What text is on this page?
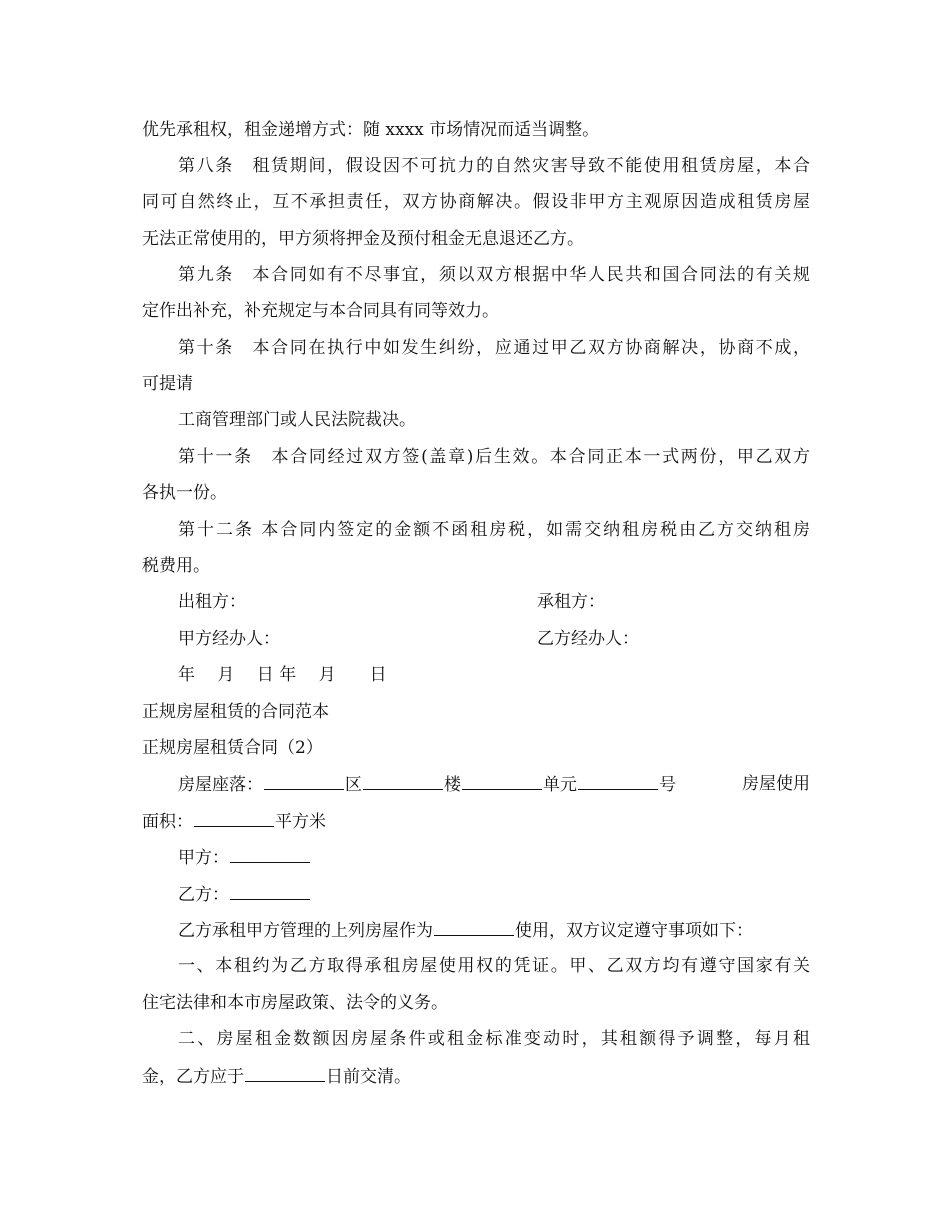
优先承租权，租金递增方式：随 xxxx 市场情况而适当调整。
第八条　租赁期间，假设因不可抗力的自然灾害导致不能使用租赁房屋，本合
同可自然终止，互不承担责任，双方协商解决。假设非甲方主观原因造成租赁房屋
无法正常使用的，甲方须将押金及预付租金无息退还乙方。
第九条　本合同如有不尽事宜，须以双方根据中华人民共和国合同法的有关规
定作出补充，补充规定与本合同具有同等效力。
第十条　本合同在执行中如发生纠纷，应通过甲乙双方协商解决，协商不成，
可提请
工商管理部门或人民法院裁决。
第十一条　本合同经过双方签(盖章)后生效。本合同正本一式两份，甲乙双方
各执一份。
第十二条 本合同内签定的金额不函租房税，如需交纳租房税由乙方交纳租房
税费用。
出租方：	承租方：
甲方经办人：	乙方经办人：
年　 月　 日 年　 月　　日
正规房屋租赁的合同范本
正规房屋租赁合同（2）
房屋座落：	区	楼	单元	号	房屋使用
面积：	平方米
甲方：
乙方：
乙方承租甲方管理的上列房屋作为	使用，双方议定遵守事项如下：
一、本租约为乙方取得承租房屋使用权的凭证。甲、乙双方均有遵守国家有关
住宅法律和本市房屋政策、法令的义务。
二、房屋租金数额因房屋条件或租金标准变动时，其租额得予调整，每月租
金，乙方应于	日前交清。
